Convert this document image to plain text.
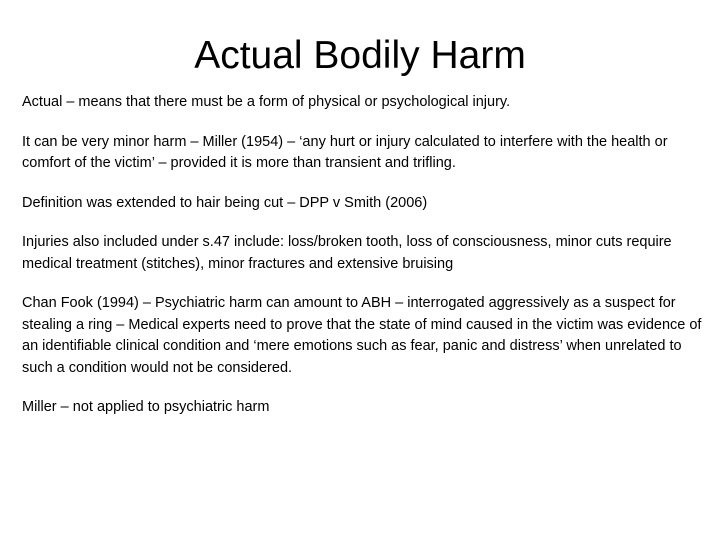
Actual Bodily Harm

Actual – means that there must be a form of physical or psychological injury.

It can be very minor harm – Miller (1954) – ‘any hurt or injury calculated to interfere with the health or comfort of the victim’ – provided it is more than transient and trifling.

Definition was extended to hair being cut – DPP v Smith (2006)

Injuries also included under s.47 include: loss/broken tooth, loss of consciousness, minor cuts require medical treatment (stitches), minor fractures and extensive bruising

Chan Fook (1994) – Psychiatric harm can amount to ABH – interrogated aggressively as a suspect for stealing a ring – Medical experts need to prove that the state of mind caused in the victim was evidence of an identifiable clinical condition and ‘mere emotions such as fear, panic and distress’ when unrelated to such a condition would not be considered.

Miller – not applied to psychiatric harm
